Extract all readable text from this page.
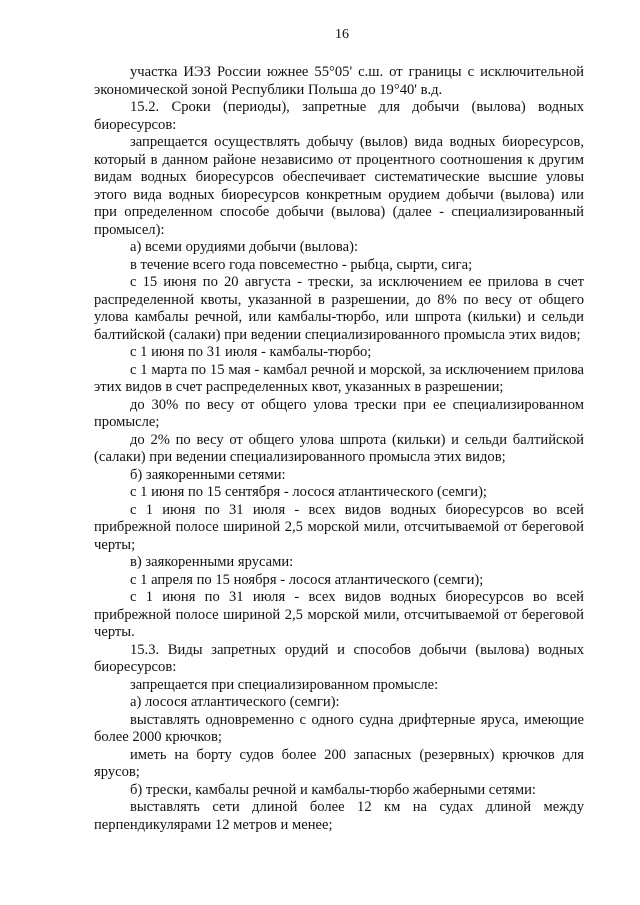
16

участка ИЭЗ России южнее 55°05' с.ш. от границы с исключительной экономической зоной Республики Польша до 19°40' в.д.

15.2. Сроки (периоды), запретные для добычи (вылова) водных биоресурсов:

запрещается осуществлять добычу (вылов) вида водных биоресурсов, который в данном районе независимо от процентного соотношения к другим видам водных биоресурсов обеспечивает систематические высшие уловы этого вида водных биоресурсов конкретным орудием добычи (вылова) или при определенном способе добычи (вылова) (далее - специализированный промысел):

а) всеми орудиями добычи (вылова):

в течение всего года повсеместно - рыбца, сырти, сига;

с 15 июня по 20 августа - трески, за исключением ее прилова в счет распределенной квоты, указанной в разрешении, до 8% по весу от общего улова камбалы речной, или камбалы-тюрбо, или шпрота (кильки) и сельди балтийской (салаки) при ведении специализированного промысла этих видов;

с 1 июня по 31 июля - камбалы-тюрбо;

с 1 марта по 15 мая - камбал речной и морской, за исключением прилова этих видов в счет распределенных квот, указанных в разрешении;

до 30% по весу от общего улова трески при ее специализированном промысле;

до 2% по весу от общего улова шпрота (кильки) и сельди балтийской (салаки) при ведении специализированного промысла этих видов;

б) заякоренными сетями:

с 1 июня по 15 сентября - лосося атлантического (семги);

с 1 июня по 31 июля - всех видов водных биоресурсов во всей прибрежной полосе шириной 2,5 морской мили, отсчитываемой от береговой черты;

в) заякоренными ярусами:

с 1 апреля по 15 ноября - лосося атлантического (семги);

с 1 июня по 31 июля - всех видов водных биоресурсов во всей прибрежной полосе шириной 2,5 морской мили, отсчитываемой от береговой черты.

15.3. Виды запретных орудий и способов добычи (вылова) водных биоресурсов:

запрещается при специализированном промысле:

а) лосося атлантического (семги):

выставлять одновременно с одного судна дрифтерные яруса, имеющие более 2000 крючков;

иметь на борту судов более 200 запасных (резервных) крючков для ярусов;

б) трески, камбалы речной и камбалы-тюрбо жаберными сетями:

выставлять сети длиной более 12 км на судах длиной между перпендикулярами 12 метров и менее;
